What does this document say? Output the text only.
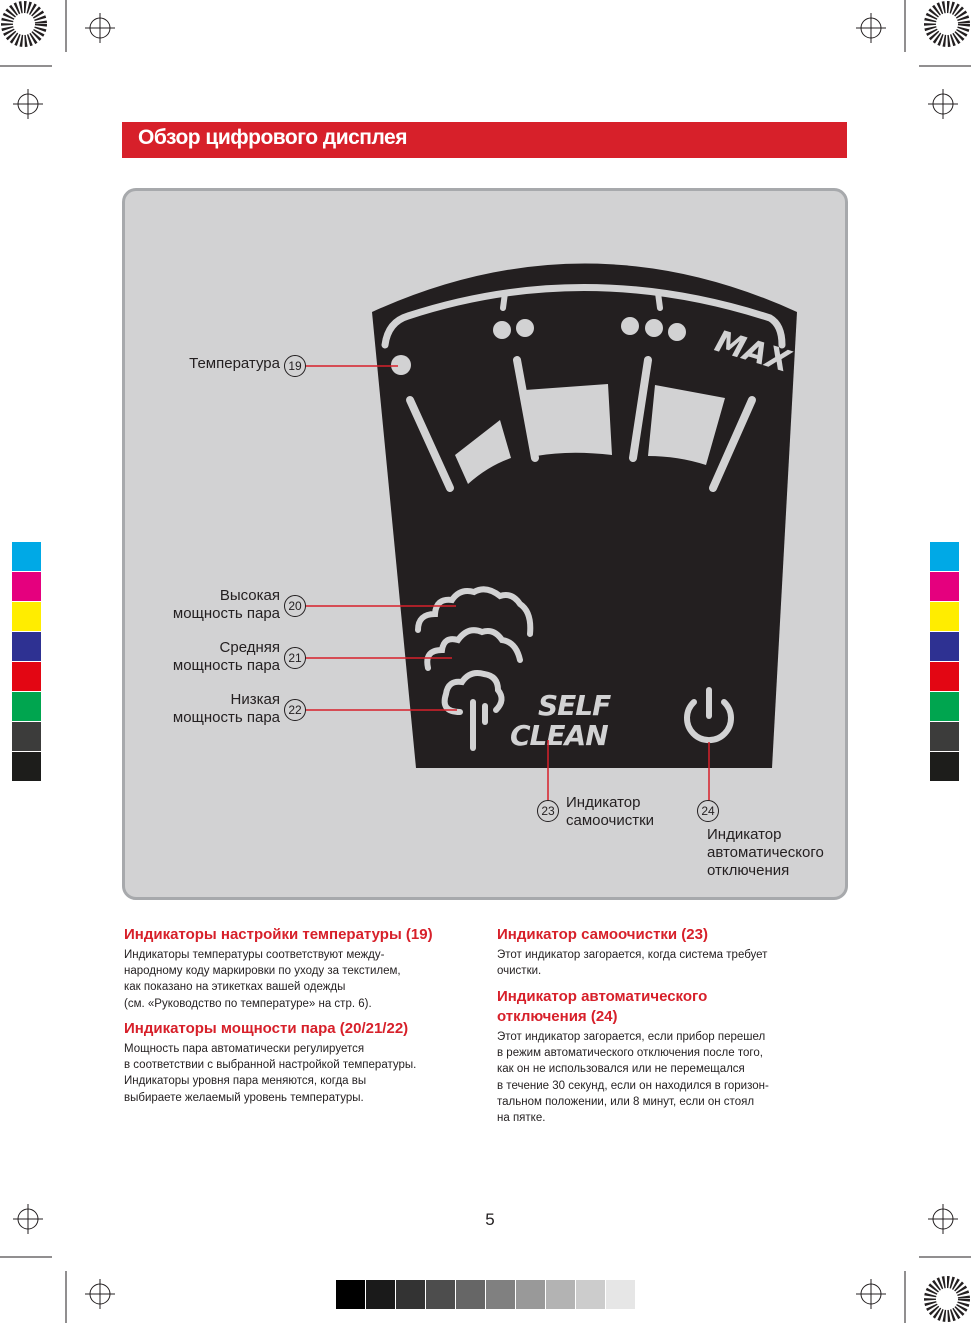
Обзор цифрового дисплея
MAX
SELF
CLEAN
19
20
21
22
23	24
Температура
Высокая
мощность пара
Средняя
мощность пара
Низкая
мощность пара
Индикатор
самоочистки
Индикатор
автоматического
отключения

Индикаторы настройки температуры (19)

Индикаторы температуры соответствуют между-
народному коду маркировки по уходу за текстилем,
как показано на этикетках вашей одежды
(см. «Руководство по температуре» на стр. 6).

Индикаторы мощности пара (20/21/22)

Мощность пара автоматически регулируется
в соответствии с выбранной настройкой температуры.
Индикаторы уровня пара меняются, когда вы
выбираете желаемый уровень температуры.

Индикатор самоочистки (23)

Этот индикатор загорается, когда система требует
очистки.

Индикатор автоматического
отключения (24)

Этот индикатор загорается, если прибор перешел
в режим автоматического отключения после того,
как он не использовался или не перемещался
в течение 30 секунд, если он находился в горизон-
тальном положении, или 8 минут, если он стоял
на пятке.

5
